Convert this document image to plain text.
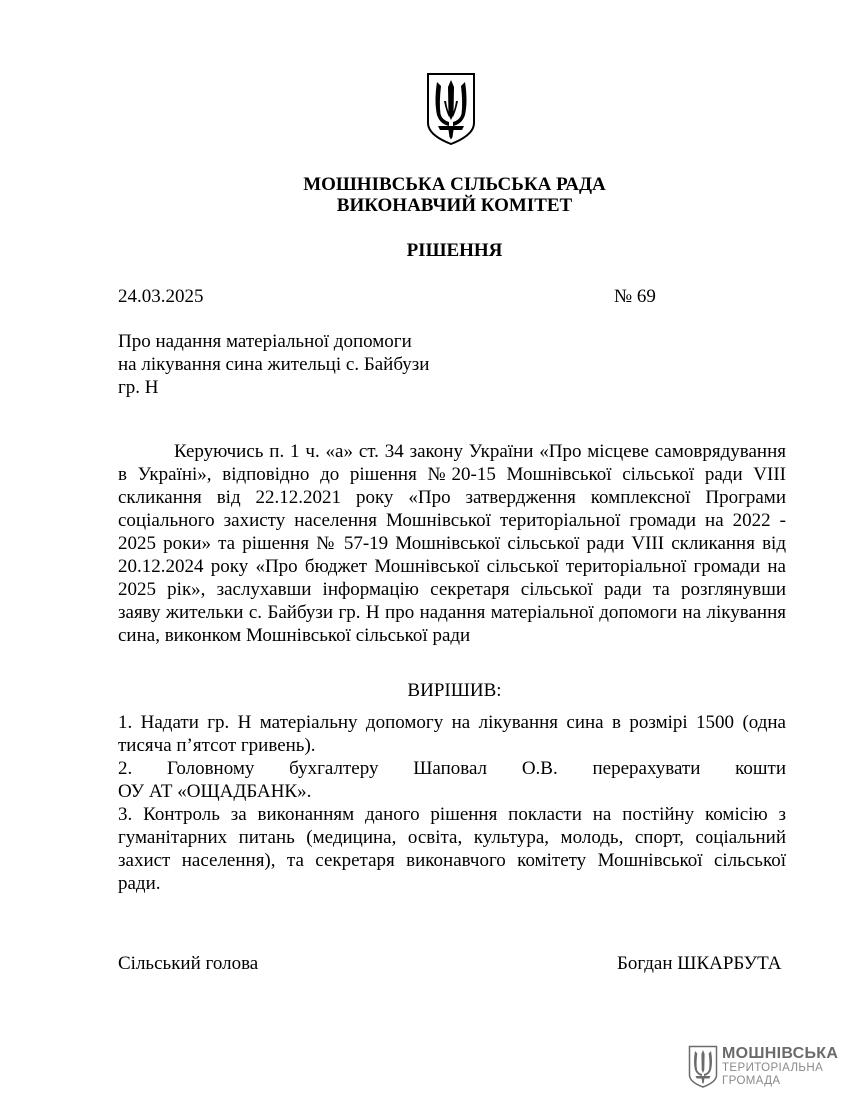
МОШНІВСЬКА СІЛЬСЬКА РАДА
ВИКОНАВЧИЙ КОМІТЕТ
РІШЕННЯ
24.03.2025	№ 69
Про надання матеріальної допомоги
на лікування сина жительці с. Байбузи
гр. Н
Керуючись п. 1 ч. «а» ст. 34 закону України «Про місцеве самоврядування
в Україні», відповідно до рішення №20-15 Мошнівської сільської ради VIII
скликання від 22.12.2021 року «Про затвердження комплексної Програми
соціального захисту населення Мошнівської територіальної громади на 2022 -
2025 роки» та рішення № 57-19 Мошнівської сільської ради VIII скликання від
20.12.2024 року «Про бюджет Мошнівської сільської територіальної громади на
2025 рік», заслухавши інформацію секретаря сільської ради та розглянувши
заяву жительки с. Байбузи гр. Н про надання матеріальної допомоги на лікування
сина, виконком Мошнівської сільської ради
ВИРІШИВ:
1. Надати гр. Н матеріальну допомогу на лікування сина в розмірі 1500 (одна
тисяча п’ятсот гривень).
2. Головному бухгалтеру Шаповал О.В. перерахувати кошти
ОУ АТ «ОЩАДБАНК».
3. Контроль за виконанням даного рішення покласти на постійну комісію з
гуманітарних питань (медицина, освіта, культура, молодь, спорт, соціальний
захист населення), та секретаря виконавчого комітету Мошнівської сільської
ради.
Сільський голова	Богдан ШКАРБУТА
МОШНІВСЬКА
ТЕРИТОРІАЛЬНА
ГРОМАДА
